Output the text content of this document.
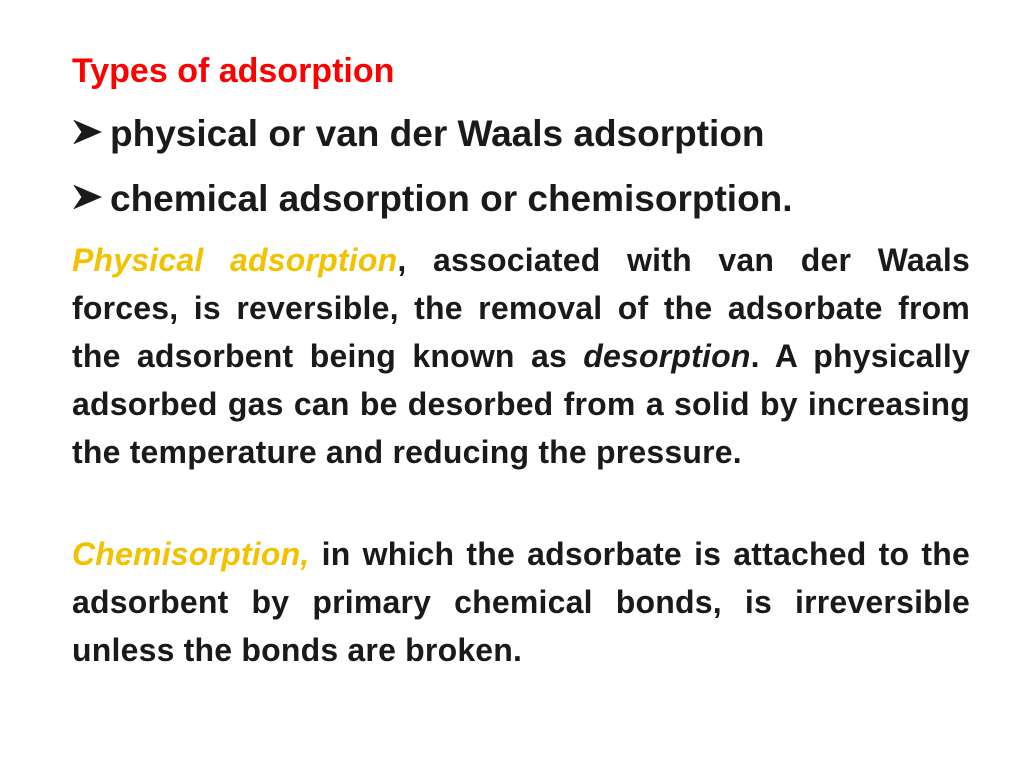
Types of adsorption
physical or van der Waals adsorption
chemical adsorption or chemisorption.
Physical adsorption, associated with van der Waals forces, is reversible, the removal of the adsorbate from the adsorbent being known as desorption. A physically adsorbed gas can be desorbed from a solid by increasing the temperature and reducing the pressure.
Chemisorption, in which the adsorbate is attached to the adsorbent by primary chemical bonds, is irreversible unless the bonds are broken.
